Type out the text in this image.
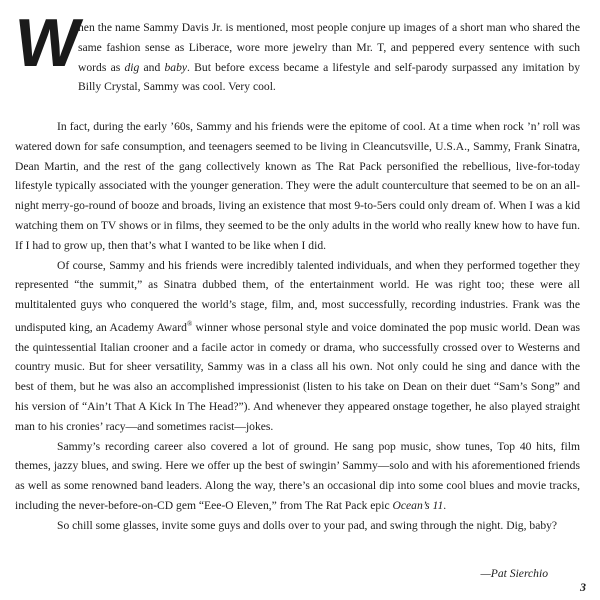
W

hen the name Sammy Davis Jr. is mentioned, most people conjure up images of a short man who shared the same fashion sense as Liberace, wore more jewelry than Mr. T, and peppered every sentence with such words as dig and baby. But before excess became a lifestyle and self-parody surpassed any imitation by Billy Crystal, Sammy was cool. Very cool.

In fact, during the early ’60s, Sammy and his friends were the epitome of cool. At a time when rock ’n’ roll was watered down for safe consumption, and teenagers seemed to be living in Cleancutsville, U.S.A., Sammy, Frank Sinatra, Dean Martin, and the rest of the gang collectively known as The Rat Pack personified the rebellious, live-for-today lifestyle typically associated with the younger generation. They were the adult counterculture that seemed to be on an all-night merry-go-round of booze and broads, living an existence that most 9-to-5ers could only dream of. When I was a kid watching them on TV shows or in films, they seemed to be the only adults in the world who really knew how to have fun. If I had to grow up, then that’s what I wanted to be like when I did.

Of course, Sammy and his friends were incredibly talented individuals, and when they performed together they represented “the summit,” as Sinatra dubbed them, of the entertainment world. He was right too; these were all multitalented guys who conquered the world’s stage, film, and, most successfully, recording industries. Frank was the undisputed king, an Academy Award® winner whose personal style and voice dominated the pop music world. Dean was the quintessential Italian crooner and a facile actor in comedy or drama, who successfully crossed over to Westerns and country music. But for sheer versatility, Sammy was in a class all his own. Not only could he sing and dance with the best of them, but he was also an accomplished impressionist (listen to his take on Dean on their duet “Sam’s Song” and his version of “Ain’t That A Kick In The Head?”). And whenever they appeared onstage together, he also played straight man to his cronies’ racy—and sometimes racist—jokes.

Sammy’s recording career also covered a lot of ground. He sang pop music, show tunes, Top 40 hits, film themes, jazzy blues, and swing. Here we offer up the best of swingin’ Sammy—solo and with his aforementioned friends as well as some renowned band leaders. Along the way, there’s an occasional dip into some cool blues and movie tracks, including the never-before-on-CD gem “Eee-O Eleven,” from The Rat Pack epic Ocean’s 11.

So chill some glasses, invite some guys and dolls over to your pad, and swing through the night. Dig, baby?

—Pat Sierchio
3
